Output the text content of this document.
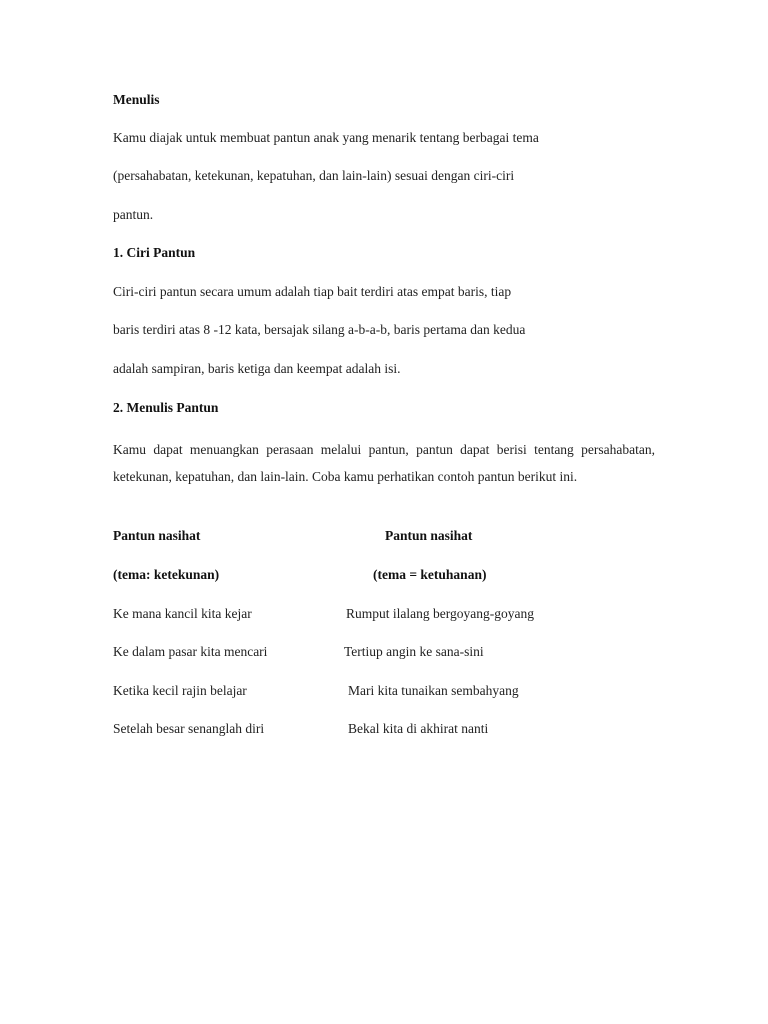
Menulis
Kamu diajak untuk membuat pantun anak yang menarik tentang berbagai tema
(persahabatan, ketekunan, kepatuhan, dan lain-lain) sesuai dengan ciri-ciri
pantun.
1. Ciri Pantun
Ciri-ciri pantun secara umum adalah tiap bait terdiri atas empat baris, tiap
baris terdiri atas 8 -12 kata, bersajak silang a-b-a-b, baris pertama dan kedua
adalah sampiran, baris ketiga dan keempat adalah isi.
2. Menulis Pantun
Kamu dapat menuangkan perasaan melalui pantun, pantun dapat berisi tentang persahabatan, ketekunan, kepatuhan, dan lain-lain. Coba kamu perhatikan contoh pantun berikut ini.
Pantun nasihat
(tema: ketekunan)
Ke mana kancil kita kejar
Ke dalam pasar kita mencari
Ketika kecil rajin belajar
Setelah besar senanglah diri
Pantun nasihat
(tema = ketuhanan)
Rumput ilalang bergoyang-goyang
Tertiup angin ke sana-sini
Mari kita tunaikan sembahyang
Bekal kita di akhirat nanti
